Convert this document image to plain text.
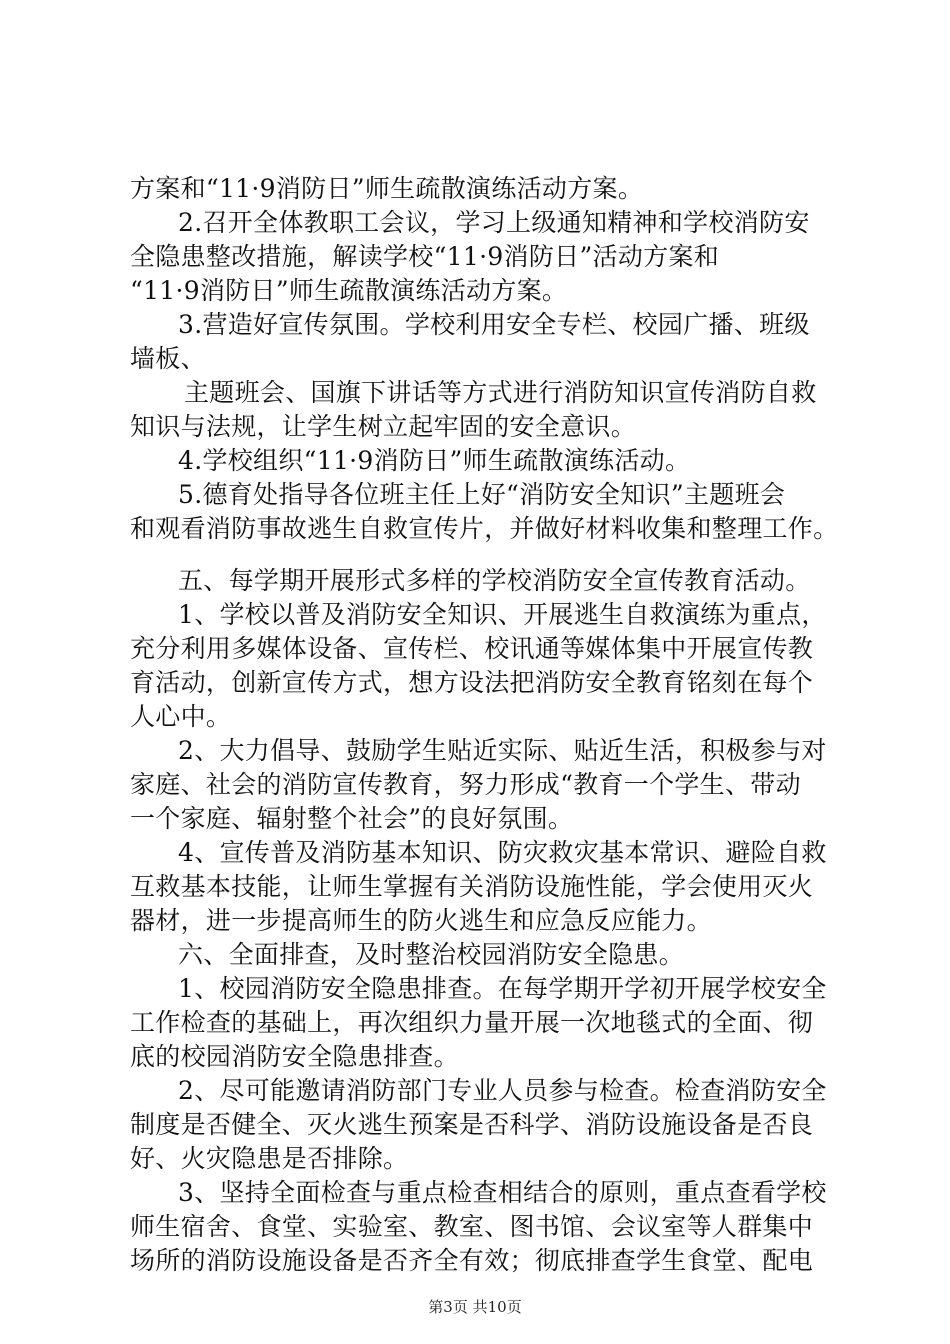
方案和“11·9消防日”师生疏散演练活动方案。
2.召开全体教职工会议，学习上级通知精神和学校消防安
全隐患整改措施，解读学校“11·9消防日”活动方案和
“11·9消防日”师生疏散演练活动方案。
3.营造好宣传氛围。学校利用安全专栏、校园广播、班级
墙板、
主题班会、国旗下讲话等方式进行消防知识宣传消防自救
知识与法规，让学生树立起牢固的安全意识。
4.学校组织“11·9消防日”师生疏散演练活动。
5.德育处指导各位班主任上好“消防安全知识”主题班会
和观看消防事故逃生自救宣传片，并做好材料收集和整理工作。
五、每学期开展形式多样的学校消防安全宣传教育活动。
1、学校以普及消防安全知识、开展逃生自救演练为重点，
充分利用多媒体设备、宣传栏、校讯通等媒体集中开展宣传教
育活动，创新宣传方式，想方设法把消防安全教育铭刻在每个
人心中。
2、大力倡导、鼓励学生贴近实际、贴近生活，积极参与对
家庭、社会的消防宣传教育，努力形成“教育一个学生、带动
一个家庭、辐射整个社会”的良好氛围。
4、宣传普及消防基本知识、防灾救灾基本常识、避险自救
互救基本技能，让师生掌握有关消防设施性能，学会使用灭火
器材，进一步提高师生的防火逃生和应急反应能力。
六、全面排查，及时整治校园消防安全隐患。
1、校园消防安全隐患排查。在每学期开学初开展学校安全
工作检查的基础上，再次组织力量开展一次地毯式的全面、彻
底的校园消防安全隐患排查。
2、尽可能邀请消防部门专业人员参与检查。检查消防安全
制度是否健全、灭火逃生预案是否科学、消防设施设备是否良
好、火灾隐患是否排除。
3、坚持全面检查与重点检查相结合的原则，重点查看学校
师生宿舍、食堂、实验室、教室、图书馆、会议室等人群集中
场所的消防设施设备是否齐全有效；彻底排查学生食堂、配电
第3页 共10页
